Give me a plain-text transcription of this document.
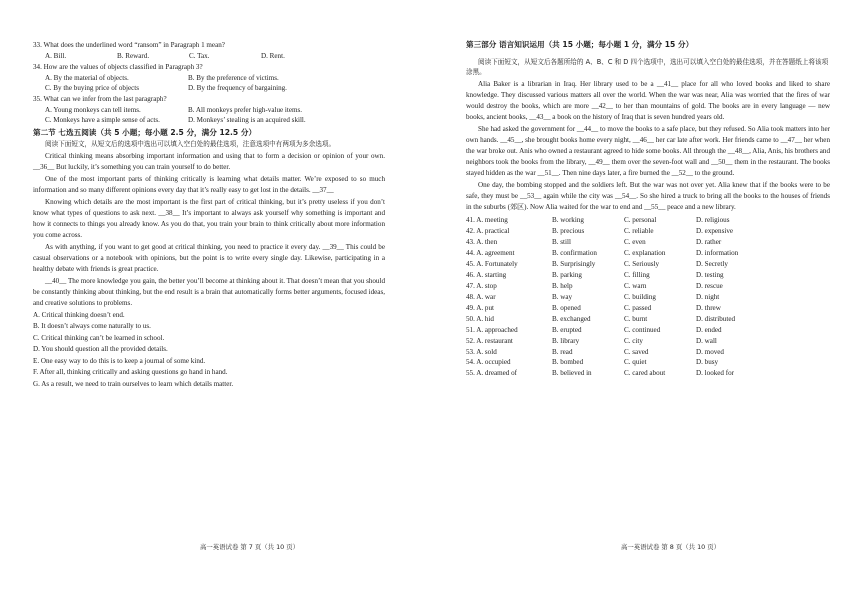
33. What does the underlined word “ransom” in Paragraph 1 mean?

A. Bill.	B. Reward.	C. Tax.	D. Rent.

34. How are the values of objects classified in Paragraph 3?

A. By the material of objects.	B. By the preference of victims.
C. By the buying price of objects	D. By the frequency of bargaining.

35. What can we infer from the last paragraph?

A. Young monkeys can tell items.	B. All monkeys prefer high-value items.
C. Monkeys have a simple sense of acts.	D. Monkeys’ stealing is an acquired skill.

第二节 七选五阅读（共 5 小题；每小题 2.5 分，满分 12.5 分）

阅读下面短文，从短文后的选项中选出可以填入空白处的最佳选项，注意选项中有两项为多余选项。

Critical thinking means absorbing important information and using that to form a decision or opinion of your own. __36__ But luckily, it’s something you can train yourself to do better.

One of the most important parts of thinking critically is learning what details matter. We’re exposed to so much information and so many different opinions every day that it’s really easy to get lost in the details. __37__

Knowing which details are the most important is the first part of critical thinking, but it’s pretty useless if you don’t know what types of questions to ask next. __38__ It’s important to always ask yourself why something is important and how it connects to things you already know. As you do that, you train your brain to think critically about more information you come across.

As with anything, if you want to get good at critical thinking, you need to practice it every day. __39__ This could be casual observations or a notebook with opinions, but the point is to write every single day. Likewise, participating in a healthy debate with friends is great practice.

__40__ The more knowledge you gain, the better you’ll become at thinking about it. That doesn’t mean that you should be constantly thinking about thinking, but the end result is a brain that automatically forms better arguments, focused ideas, and creative solutions to problems.

A. Critical thinking doesn’t end.

B. It doesn’t always come naturally to us.

C. Critical thinking can’t be learned in school.

D. You should question all the provided details.

E. One easy way to do this is to keep a journal of some kind.

F. After all, thinking critically and asking questions go hand in hand.

G. As a result, we need to train ourselves to learn which details matter.

第三部分 语言知识运用（共 15 小题；每小题 1 分，满分 15 分）

阅读下面短文，从短文后各题所给的 A、B、C 和 D 四个选项中，选出可以填入空白处的最佳选项，并在答题纸上将该项涂黑。

Alia Baker is a librarian in Iraq. Her library used to be a __41__ place for all who loved books and liked to share knowledge. They discussed various matters all over the world. When the war was near, Alia was worried that the fires of war would destroy the books, which are more __42__ to her than mountains of gold. The books are in every language — new books, ancient books, __43__ a book on the history of Iraq that is seven hundred years old.

She had asked the government for __44__ to move the books to a safe place, but they refused. So Alia took matters into her own hands. __45__, she brought books home every night, __46__ her car late after work. Her friends came to __47__ her when the war broke out. Anis who owned a restaurant agreed to hide some books. All through the __48__, Alia, Anis, his brothers and neighbors took the books from the library, __49__ them over the seven-foot wall and __50__ them in the restaurant. The books stayed hidden as the war __51__. Then nine days later, a fire burned the __52__ to the ground.

One day, the bombing stopped and the soldiers left. But the war was not over yet. Alia knew that if the books were to be safe, they must be __53__ again while the city was __54__. So she hired a truck to bring all the books to the houses of friends in the suburbs (郊区). Now Alia waited for the war to end and __55__ peace and a new library.

41. A. meeting	B. working	C. personal	D. religious
42. A. practical	B. precious	C. reliable	D. expensive
43. A. then	B. still	C. even	D. rather
44. A. agreement	B. confirmation	C. explanation	D. information
45. A. Fortunately	B. Surprisingly	C. Seriously	D. Secretly
46. A. starting	B. parking	C. filling	D. testing
47. A. stop	B. help	C. warn	D. rescue
48. A. war	B. way	C. building	D. night
49. A. put	B. opened	C. passed	D. threw
50. A. hid	B. exchanged	C. burnt	D. distributed
51. A. approached	B. erupted	C. continued	D. ended
52. A. restaurant	B. library	C. city	D. wall
53. A. sold	B. read	C. saved	D. moved
54. A. occupied	B. bombed	C. quiet	D. busy
55. A. dreamed of	B. believed in	C. cared about	D. looked for
高一英语试卷 第 7 页（共 10 页）	高一英语试卷 第 8 页（共 10 页）
